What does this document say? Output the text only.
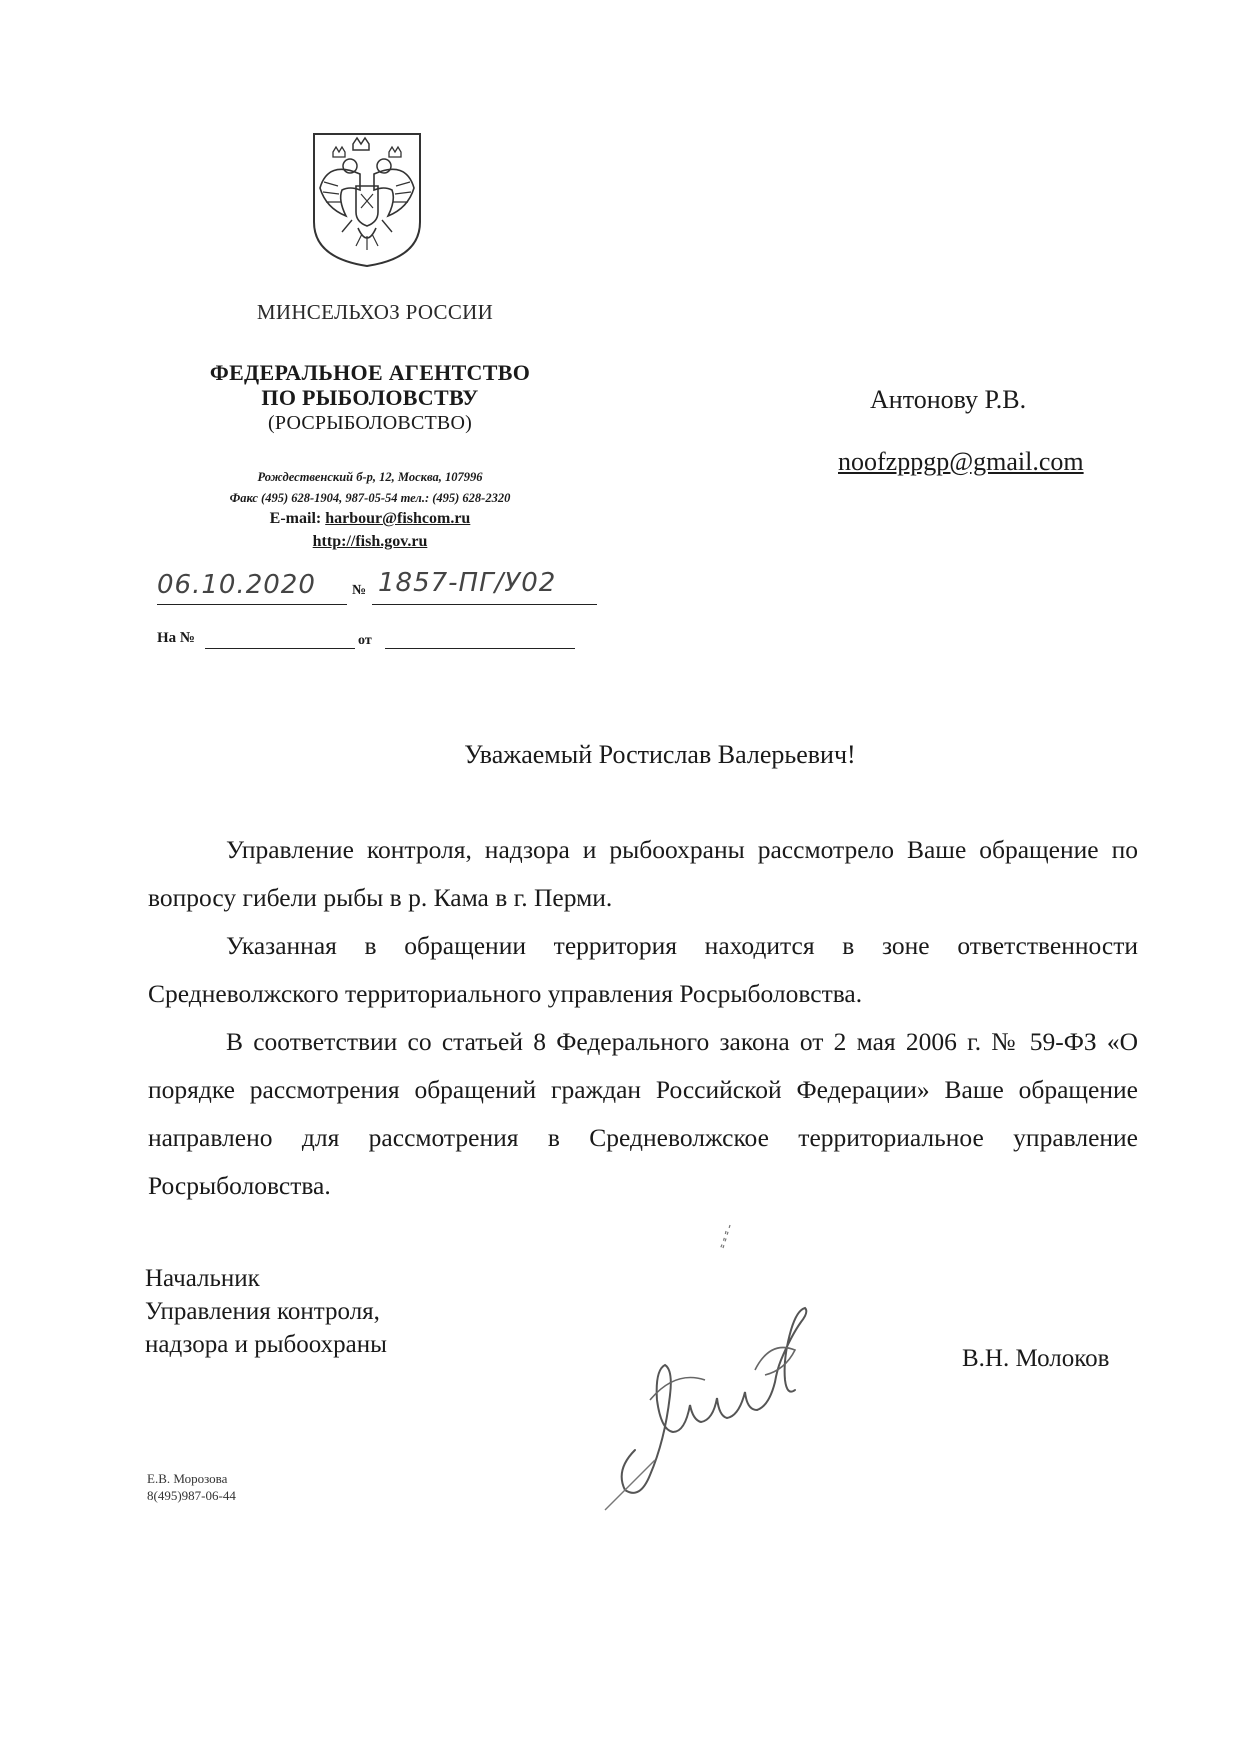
МИНСЕЛЬХОЗ РОССИИ
ФЕДЕРАЛЬНОЕ АГЕНТСТВО
ПО РЫБОЛОВСТВУ
(РОСРЫБОЛОВСТВО)
Рождественский б-р, 12, Москва, 107996
Факс (495) 628-1904, 987-05-54 тел.: (495) 628-2320
E-mail: harbour@fishcom.ru
http://fish.gov.ru
06.10.2020	№ 1857-ПГ/У02
На №	от
Антонову Р.В.
noofzppgp@gmail.com
Уважаемый Ростислав Валерьевич!

Управление контроля, надзора и рыбоохраны рассмотрело Ваше обращение по вопросу гибели рыбы в р. Кама в г. Перми.

Указанная в обращении территория находится в зоне ответственности Средневолжского территориального управления Росрыболовства.

В соответствии со статьей 8 Федерального закона от 2 мая 2006 г. № 59-ФЗ «О порядке рассмотрения обращений граждан Российской Федерации» Ваше обращение направлено для рассмотрения в Средневолжское территориальное управление Росрыболовства.

Начальник
Управления контроля,
надзора и рыбоохраны
В.Н. Молоков
Е.В. Морозова
8(495)987-06-44
